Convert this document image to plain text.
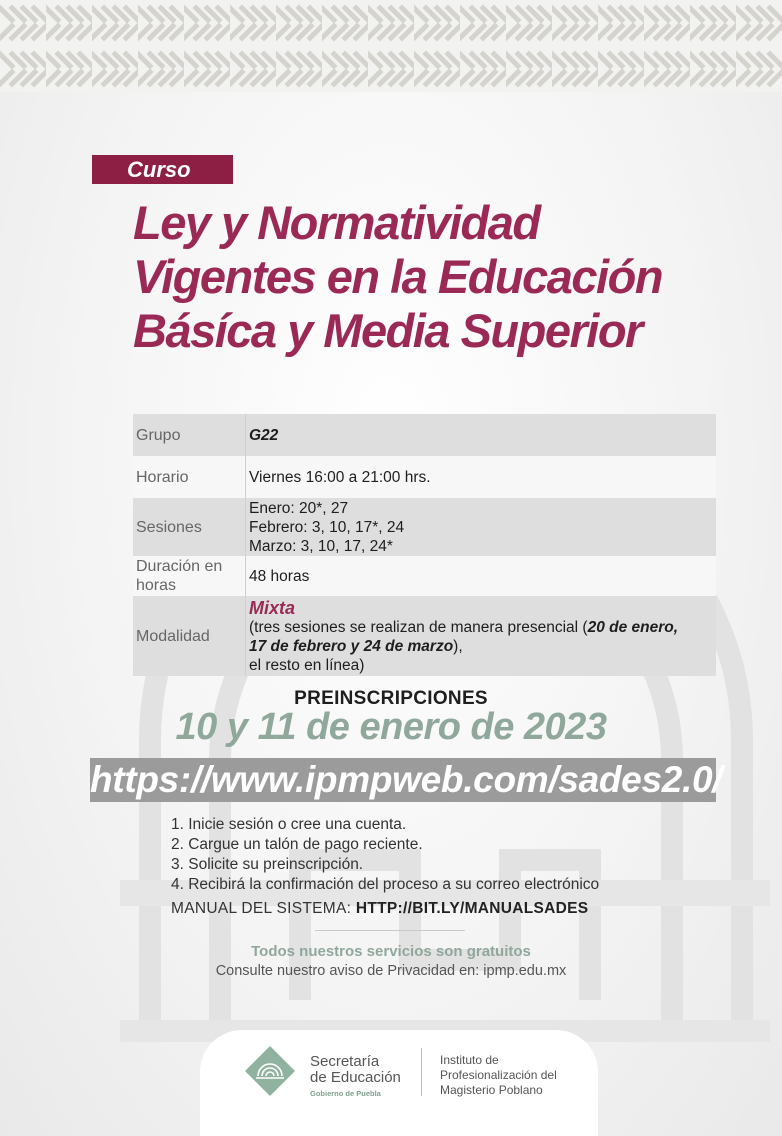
Curso
Ley y Normatividad
Vigentes en la Educación
Básíca y Media Superior
Grupo	G22
Horario	Viernes 16:00 a 21:00 hrs.
Sesiones	Enero: 20*, 27
Febrero: 3, 10, 17*, 24
Marzo: 3, 10, 17, 24*

Duración en
horas	48 horas
Modalidad	Mixta
(tres sesiones se realizan de manera presencial (20 de enero,
17 de febrero y 24 de marzo),
el resto en línea)
PREINSCRIPCIONES
10 y 11 de enero de 2023
https://www.ipmpweb.com/sades2.0/
1. Inicie sesión o cree una cuenta.
2. Cargue un talón de pago reciente.
3. Solicite su preinscripción.
4. Recibirá la confirmación del proceso a su correo electrónico
MANUAL DEL SISTEMA: HTTP://BIT.LY/MANUALSADES
Todos nuestros servicios son gratuitos
Consulte nuestro aviso de Privacidad en: ipmp.edu.mx
Secretaría
de Educación
Gobierno de Puebla
Instituto de
Profesionalización del
Magisterio Poblano
